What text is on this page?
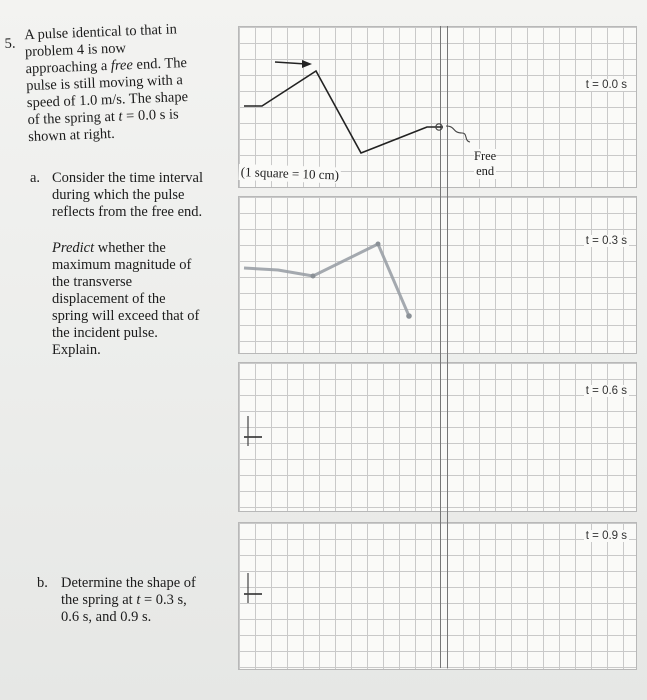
5.
A pulse identical to that in
problem 4 is now
approaching a free end. The
pulse is still moving with a
speed of 1.0 m/s. The shape
of the spring at t = 0.0 s is
shown at right.
a. Consider the time interval
during which the pulse
reflects from the free end.
Predict whether the
maximum magnitude of
the transverse
displacement of the
spring will exceed that of
the incident pulse.
Explain.
b. Determine the shape of
the spring at t = 0.3 s,
0.6 s, and 0.9 s.
t = 0.0 s
t = 0.3 s
t = 0.6 s
t = 0.9 s
Free
end
(1 square = 10 cm)
